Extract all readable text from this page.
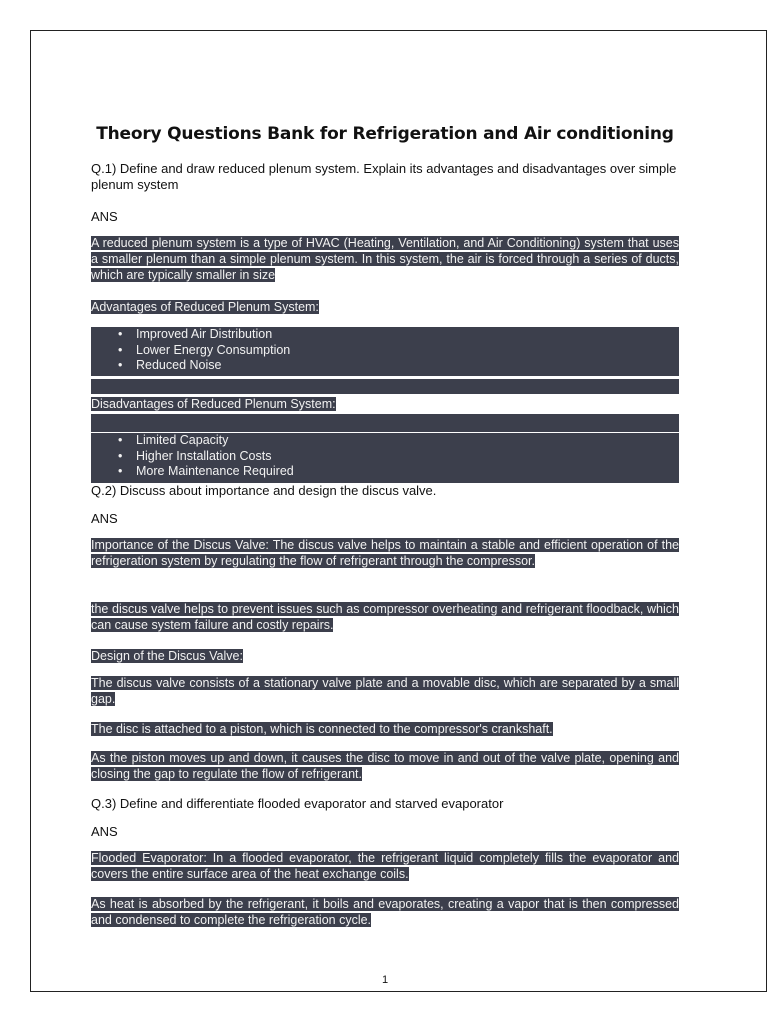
Theory Questions Bank for Refrigeration and Air conditioning

Q.1) Define and draw reduced plenum system. Explain its advantages and disadvantages over simple plenum system

ANS

A reduced plenum system is a type of HVAC (Heating, Ventilation, and Air Conditioning) system that uses a smaller plenum than a simple plenum system. In this system, the air is forced through a series of ducts, which are typically smaller in size

Advantages of Reduced Plenum System:

• Improved Air Distribution
• Lower Energy Consumption
• Reduced Noise

Disadvantages of Reduced Plenum System:

• Limited Capacity
• Higher Installation Costs
• More Maintenance Required

Q.2) Discuss about importance and design the discus valve.

ANS

Importance of the Discus Valve: The discus valve helps to maintain a stable and efficient operation of the refrigeration system by regulating the flow of refrigerant through the compressor.

the discus valve helps to prevent issues such as compressor overheating and refrigerant floodback, which can cause system failure and costly repairs.

Design of the Discus Valve:

The discus valve consists of a stationary valve plate and a movable disc, which are separated by a small gap.

The disc is attached to a piston, which is connected to the compressor's crankshaft.

As the piston moves up and down, it causes the disc to move in and out of the valve plate, opening and closing the gap to regulate the flow of refrigerant.

Q.3) Define and differentiate flooded evaporator and starved evaporator

ANS

Flooded Evaporator: In a flooded evaporator, the refrigerant liquid completely fills the evaporator and covers the entire surface area of the heat exchange coils.

As heat is absorbed by the refrigerant, it boils and evaporates, creating a vapor that is then compressed and condensed to complete the refrigeration cycle.

1
